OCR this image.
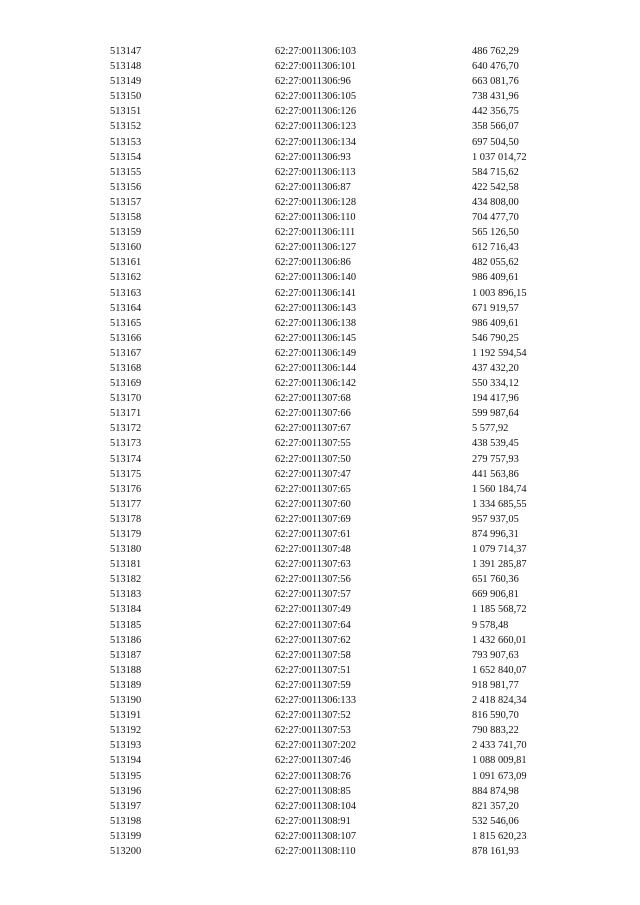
513147	62:27:0011306:103	486 762,29
513148	62:27:0011306:101	640 476,70
513149	62:27:0011306:96	663 081,76
513150	62:27:0011306:105	738 431,96
513151	62:27:0011306:126	442 356,75
513152	62:27:0011306:123	358 566,07
513153	62:27:0011306:134	697 504,50
513154	62:27:0011306:93	1 037 014,72
513155	62:27:0011306:113	584 715,62
513156	62:27:0011306:87	422 542,58
513157	62:27:0011306:128	434 808,00
513158	62:27:0011306:110	704 477,70
513159	62:27:0011306:111	565 126,50
513160	62:27:0011306:127	612 716,43
513161	62:27:0011306:86	482 055,62
513162	62:27:0011306:140	986 409,61
513163	62:27:0011306:141	1 003 896,15
513164	62:27:0011306:143	671 919,57
513165	62:27:0011306:138	986 409,61
513166	62:27:0011306:145	546 790,25
513167	62:27:0011306:149	1 192 594,54
513168	62:27:0011306:144	437 432,20
513169	62:27:0011306:142	550 334,12
513170	62:27:0011307:68	194 417,96
513171	62:27:0011307:66	599 987,64
513172	62:27:0011307:67	5 577,92
513173	62:27:0011307:55	438 539,45
513174	62:27:0011307:50	279 757,93
513175	62:27:0011307:47	441 563,86
513176	62:27:0011307:65	1 560 184,74
513177	62:27:0011307:60	1 334 685,55
513178	62:27:0011307:69	957 937,05
513179	62:27:0011307:61	874 996,31
513180	62:27:0011307:48	1 079 714,37
513181	62:27:0011307:63	1 391 285,87
513182	62:27:0011307:56	651 760,36
513183	62:27:0011307:57	669 906,81
513184	62:27:0011307:49	1 185 568,72
513185	62:27:0011307:64	9 578,48
513186	62:27:0011307:62	1 432 660,01
513187	62:27:0011307:58	793 907,63
513188	62:27:0011307:51	1 652 840,07
513189	62:27:0011307:59	918 981,77
513190	62:27:0011306:133	2 418 824,34
513191	62:27:0011307:52	816 590,70
513192	62:27:0011307:53	790 883,22
513193	62:27:0011307:202	2 433 741,70
513194	62:27:0011307:46	1 088 009,81
513195	62:27:0011308:76	1 091 673,09
513196	62:27:0011308:85	884 874,98
513197	62:27:0011308:104	821 357,20
513198	62:27:0011308:91	532 546,06
513199	62:27:0011308:107	1 815 620,23
513200	62:27:0011308:110	878 161,93
